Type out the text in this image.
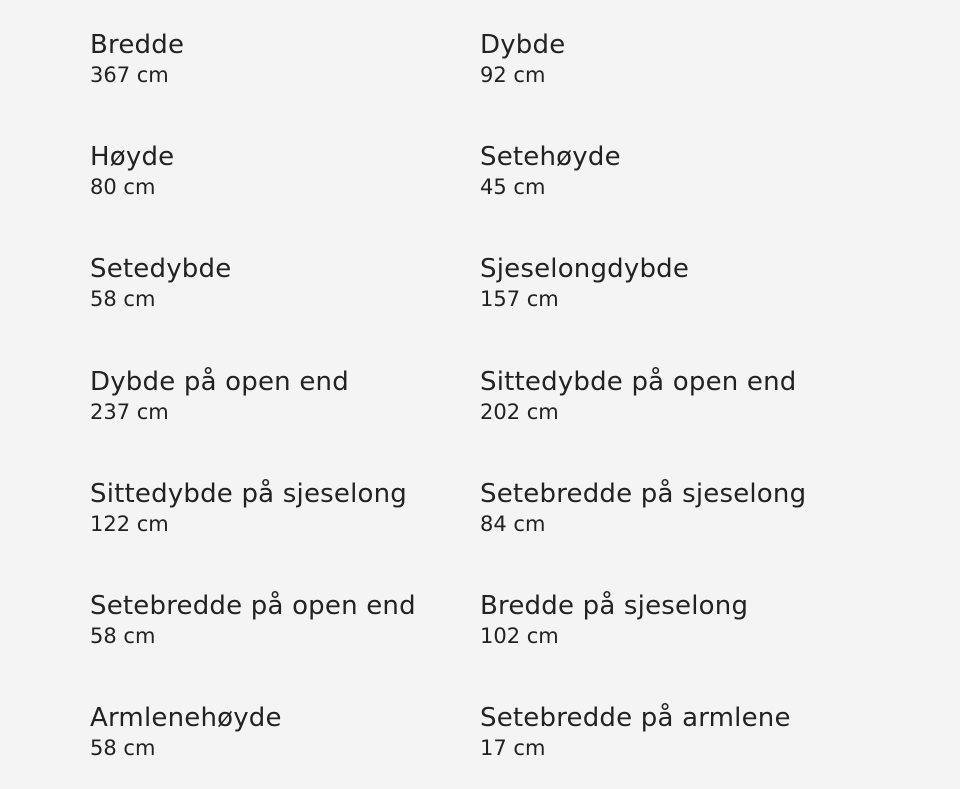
Bredde
367 cm
Dybde
92 cm
Høyde
80 cm
Setehøyde
45 cm
Setedybde
58 cm
Sjeselongdybde
157 cm
Dybde på open end
237 cm
Sittedybde på open end
202 cm
Sittedybde på sjeselong
122 cm
Setebredde på sjeselong
84 cm
Setebredde på open end
58 cm
Bredde på sjeselong
102 cm
Armlenehøyde
58 cm
Setebredde på armlene
17 cm
